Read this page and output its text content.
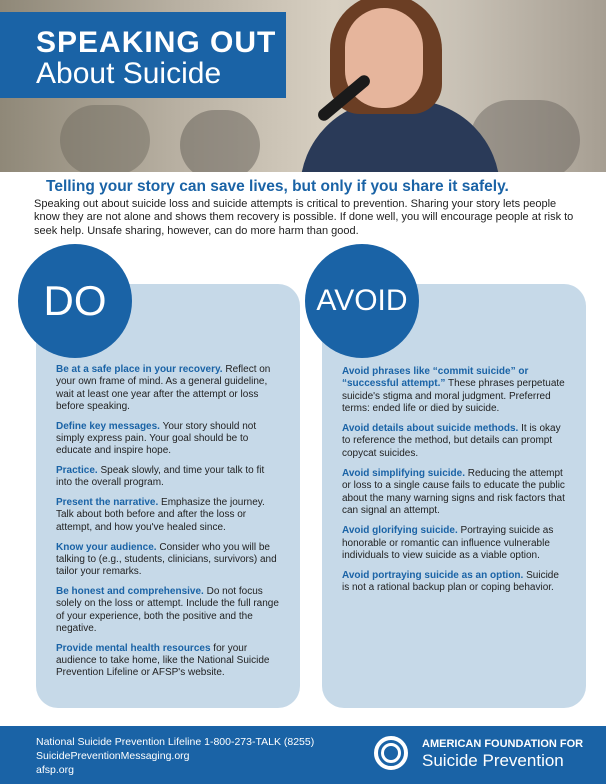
SPEAKING OUT
About Suicide
Telling your story can save lives, but only if you share it safely.
Speaking out about suicide loss and suicide attempts is critical to prevention. Sharing your story lets people know they are not alone and shows them recovery is possible. If done well, you will encourage people at risk to seek help. Unsafe sharing, however, can do more harm than good.
DO	AVOID
Be at a safe place in your recovery. Reflect on your own frame of mind. As a general guideline, wait at least one year after the attempt or loss before speaking.
Define key messages. Your story should not simply express pain. Your goal should be to educate and inspire hope.
Practice. Speak slowly, and time your talk to fit into the overall program.
Present the narrative. Emphasize the journey. Talk about both before and after the loss or attempt, and how you've healed since.
Know your audience. Consider who you will be talking to (e.g., students, clinicians, survivors) and tailor your remarks.
Be honest and comprehensive. Do not focus solely on the loss or attempt. Include the full range of your experience, both the positive and the negative.
Provide mental health resources for your audience to take home, like the National Suicide Prevention Lifeline or AFSP's website.
Avoid phrases like “commit suicide” or “successful attempt.” These phrases perpetuate suicide's stigma and moral judgment. Preferred terms: ended life or died by suicide.
Avoid details about suicide methods. It is okay to reference the method, but details can prompt copycat suicides.
Avoid simplifying suicide. Reducing the attempt or loss to a single cause fails to educate the public about the many warning signs and risk factors that can signal an attempt.
Avoid glorifying suicide. Portraying suicide as honorable or romantic can influence vulnerable individuals to view suicide as a viable option.
Avoid portraying suicide as an option. Suicide is not a rational backup plan or coping behavior.
National Suicide Prevention Lifeline 1-800-273-TALK (8255)
SuicidePreventionMessaging.org
afsp.org
AMERICAN FOUNDATION FOR
Suicide Prevention
